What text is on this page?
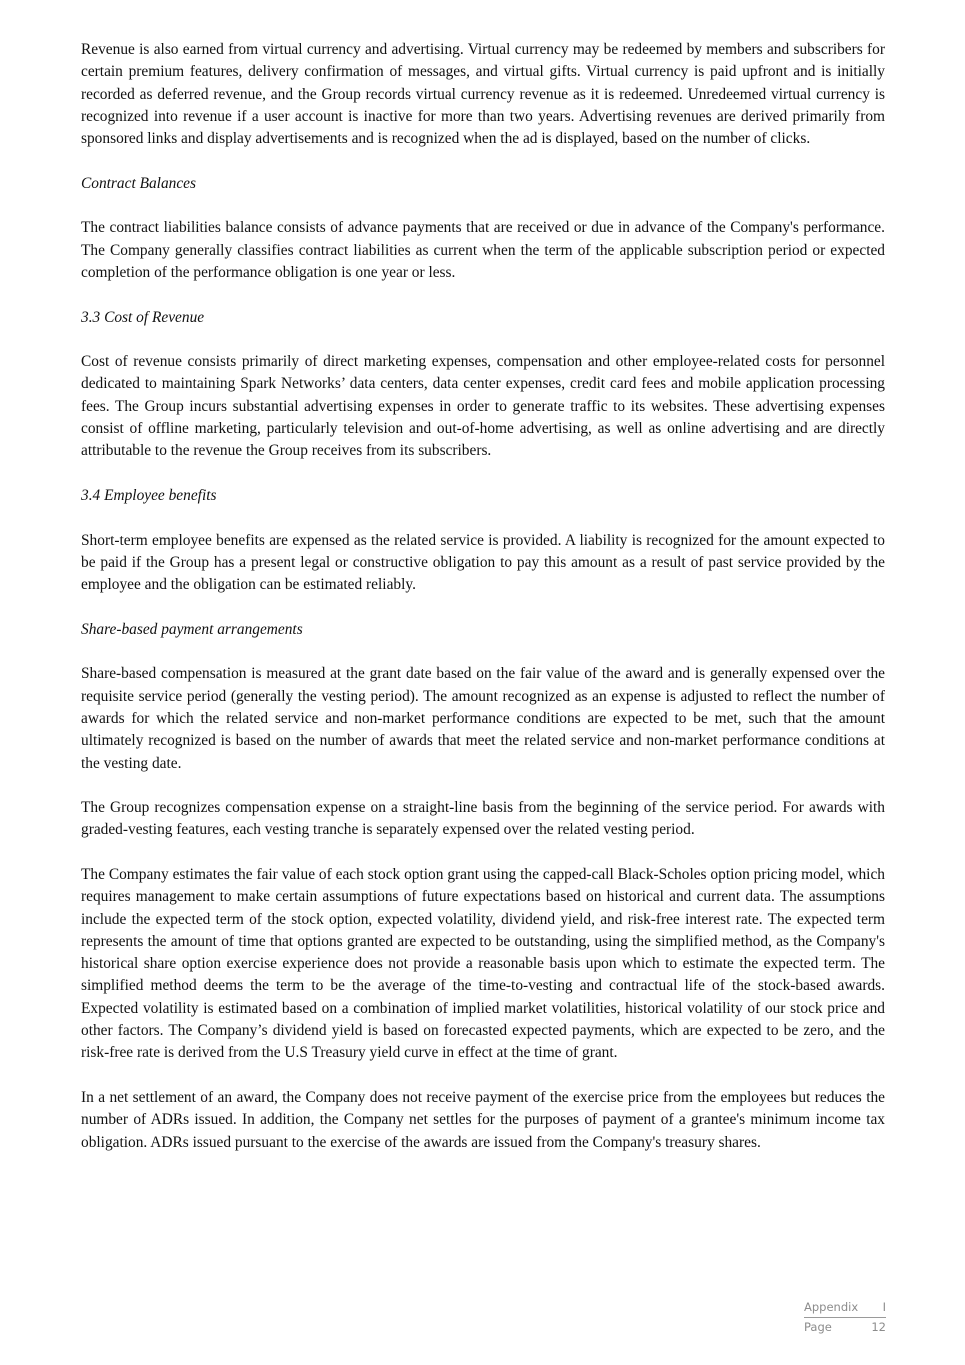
Revenue is also earned from virtual currency and advertising. Virtual currency may be redeemed by members and subscribers for certain premium features, delivery confirmation of messages, and virtual gifts. Virtual currency is paid upfront and is initially recorded as deferred revenue, and the Group records virtual currency revenue as it is redeemed. Unredeemed virtual currency is recognized into revenue if a user account is inactive for more than two years. Advertising revenues are derived primarily from sponsored links and display advertisements and is recognized when the ad is displayed, based on the number of clicks.

Contract Balances

The contract liabilities balance consists of advance payments that are received or due in advance of the Company's performance. The Company generally classifies contract liabilities as current when the term of the applicable subscription period or expected completion of the performance obligation is one year or less.

3.3 Cost of Revenue

Cost of revenue consists primarily of direct marketing expenses, compensation and other employee-related costs for personnel dedicated to maintaining Spark Networks’ data centers, data center expenses, credit card fees and mobile application processing fees. The Group incurs substantial advertising expenses in order to generate traffic to its websites. These advertising expenses consist of offline marketing, particularly television and out-of-home advertising, as well as online advertising and are directly attributable to the revenue the Group receives from its subscribers.

3.4 Employee benefits

Short-term employee benefits are expensed as the related service is provided. A liability is recognized for the amount expected to be paid if the Group has a present legal or constructive obligation to pay this amount as a result of past service provided by the employee and the obligation can be estimated reliably.

Share-based payment arrangements

Share-based compensation is measured at the grant date based on the fair value of the award and is generally expensed over the requisite service period (generally the vesting period). The amount recognized as an expense is adjusted to reflect the number of awards for which the related service and non-market performance conditions are expected to be met, such that the amount ultimately recognized is based on the number of awards that meet the related service and non-market performance conditions at the vesting date.

The Group recognizes compensation expense on a straight-line basis from the beginning of the service period. For awards with graded-vesting features, each vesting tranche is separately expensed over the related vesting period.

The Company estimates the fair value of each stock option grant using the capped-call Black-Scholes option pricing model, which requires management to make certain assumptions of future expectations based on historical and current data. The assumptions include the expected term of the stock option, expected volatility, dividend yield, and risk-free interest rate. The expected term represents the amount of time that options granted are expected to be outstanding, using the simplified method, as the Company's historical share option exercise experience does not provide a reasonable basis upon which to estimate the expected term. The simplified method deems the term to be the average of the time-to-vesting and contractual life of the stock-based awards. Expected volatility is estimated based on a combination of implied market volatilities, historical volatility of our stock price and other factors. The Company’s dividend yield is based on forecasted expected payments, which are expected to be zero, and the risk-free rate is derived from the U.S Treasury yield curve in effect at the time of grant.

In a net settlement of an award, the Company does not receive payment of the exercise price from the employees but reduces the number of ADRs issued. In addition, the Company net settles for the purposes of payment of a grantee's minimum income tax obligation. ADRs issued pursuant to the exercise of the awards are issued from the Company's treasury shares.

Appendix I
Page	12
